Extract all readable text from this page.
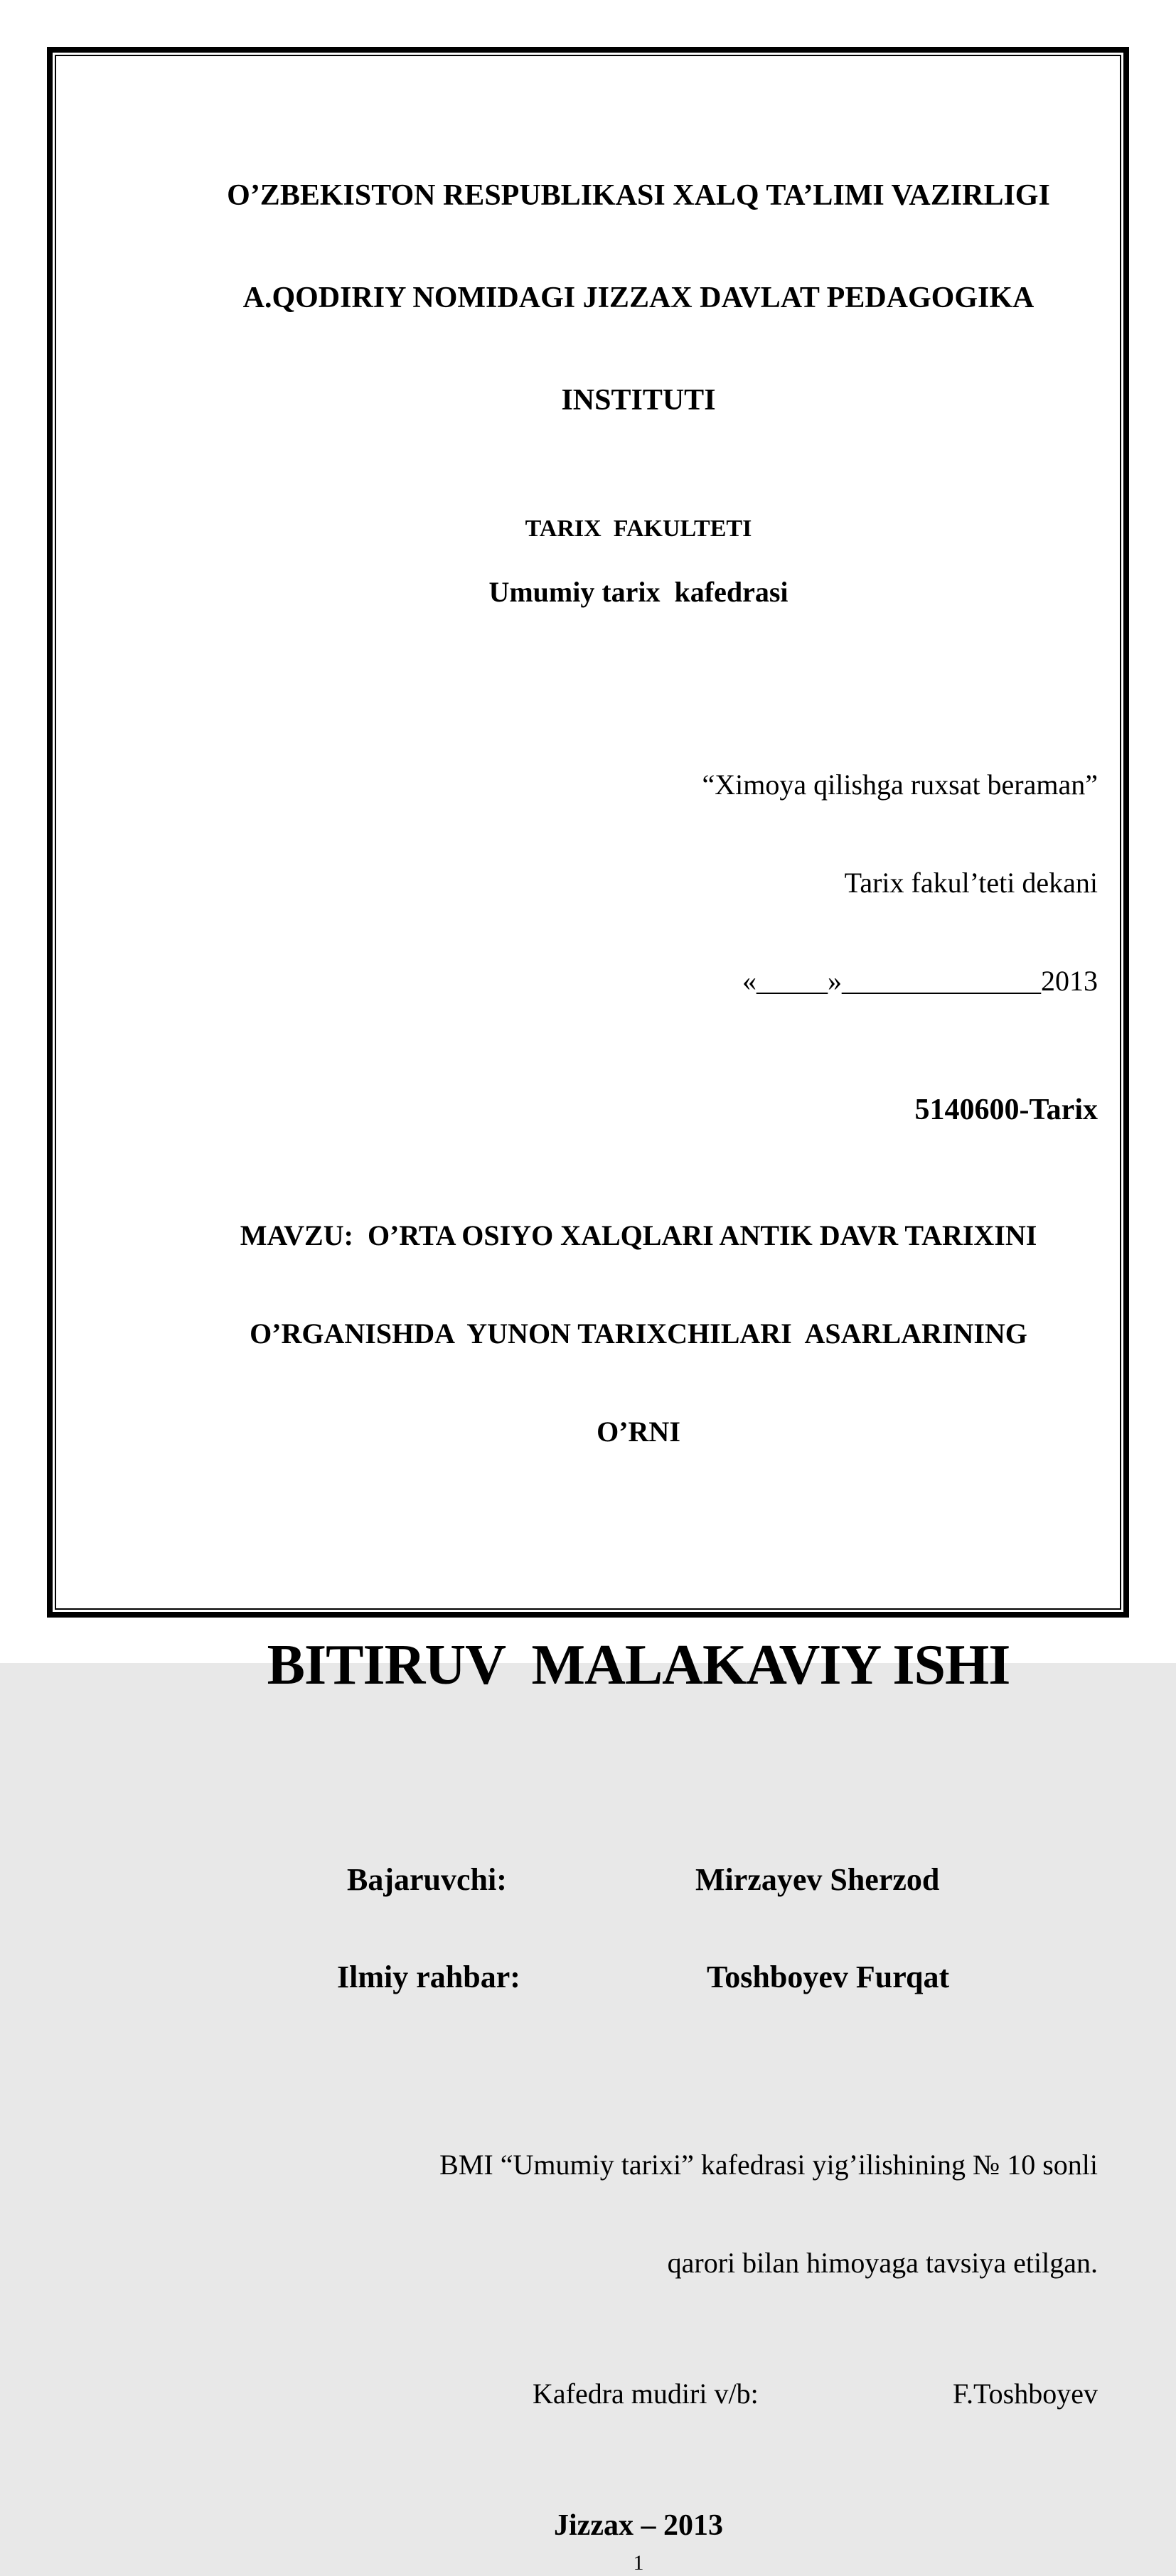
O’ZBEKISTON RESPUBLIKASI XALQ TA’LIMI VAZIRLIGI

A.QODIRIY NOMIDAGI JIZZAX DAVLAT PEDAGOGIKA

INSTITUTI

TARIX  FAKULTETI
Umumiy tarix  kafedrasi

“Ximoya qilishga ruxsat beraman”

Tarix fakul’teti dekani

«_____»______________2013

5140600-Tarix

MAVZU:  O’RTA OSIYO XALQLARI ANTIK DAVR TARIXINI

O’RGANISHDA  YUNON TARIXCHILARI  ASARLARINING

O’RNI

BITIRUV  MALAKAVIY ISHI
Bajaruvchi:	Mirzayev Sherzod
Ilmiy rahbar:	Toshboyev Furqat

BMI “Umumiy tarixi” kafedrasi yig’ilishining № 10 sonli

qarori bilan himoyaga tavsiya etilgan.

Kafedra mudiri v/b:	F.Toshboyev
Jizzax – 2013
1
